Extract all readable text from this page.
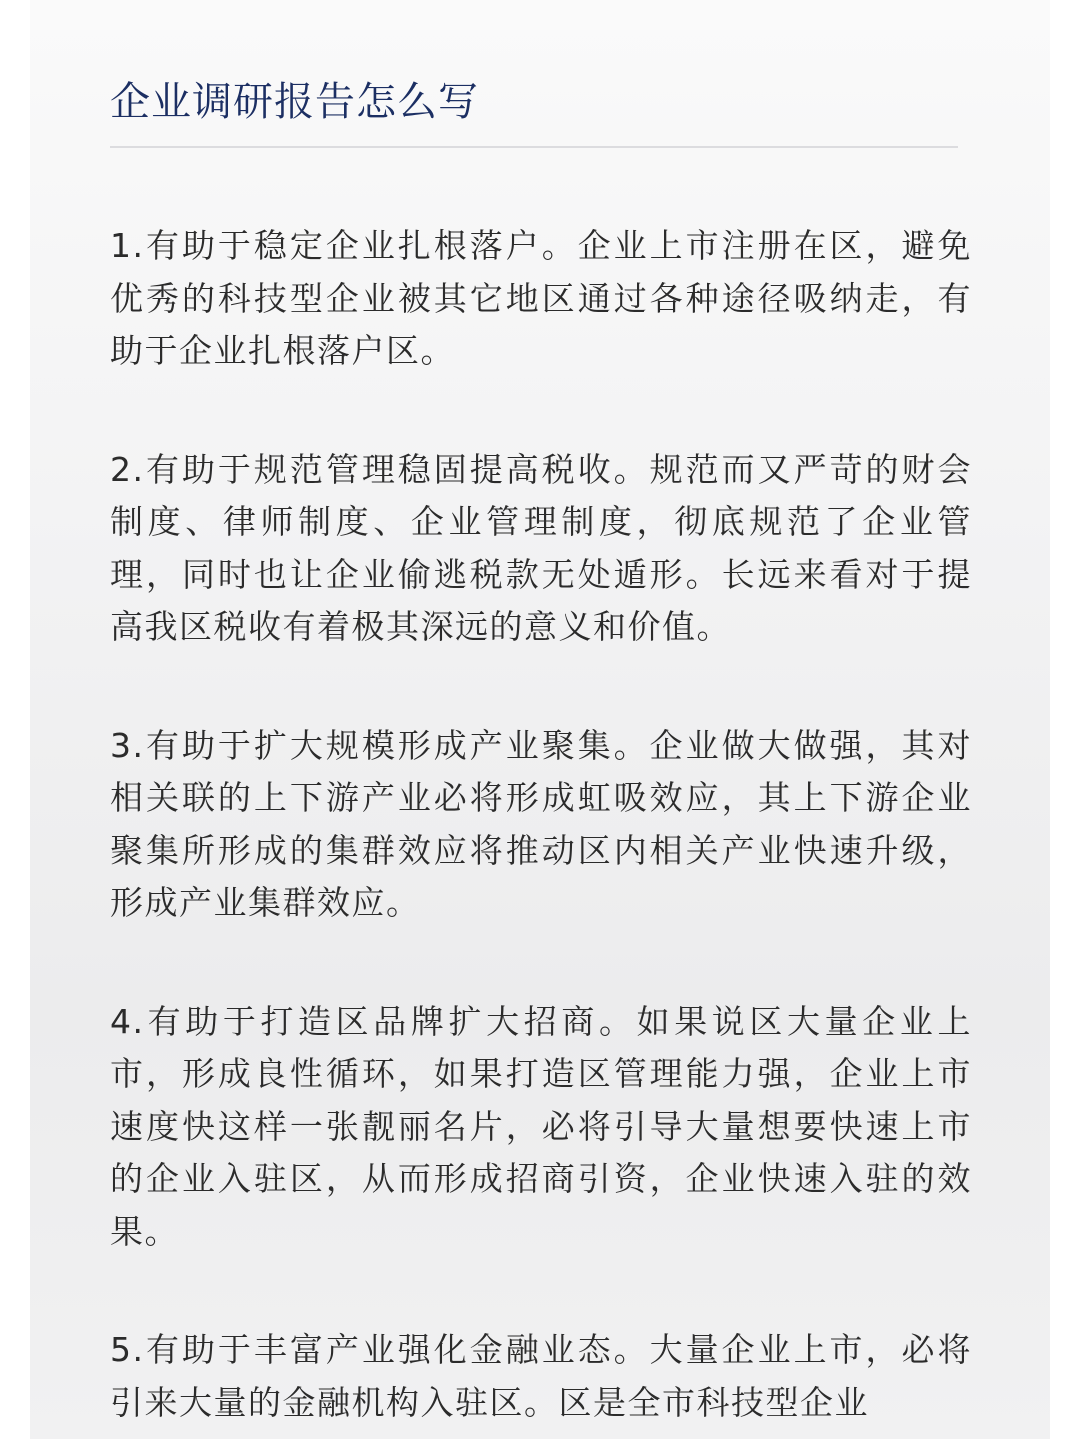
企业调研报告怎么写

1.有助于稳定企业扎根落户。企业上市注册在区，避免优秀的科技型企业被其它地区通过各种途径吸纳走，有助于企业扎根落户区。

2.有助于规范管理稳固提高税收。规范而又严苛的财会制度、律师制度、企业管理制度，彻底规范了企业管理，同时也让企业偷逃税款无处遁形。长远来看对于提高我区税收有着极其深远的意义和价值。

3.有助于扩大规模形成产业聚集。企业做大做强，其对相关联的上下游产业必将形成虹吸效应，其上下游企业聚集所形成的集群效应将推动区内相关产业快速升级，形成产业集群效应。

4.有助于打造区品牌扩大招商。如果说区大量企业上市，形成良性循环，如果打造区管理能力强，企业上市速度快这样一张靓丽名片，必将引导大量想要快速上市的企业入驻区，从而形成招商引资，企业快速入驻的效果。

5.有助于丰富产业强化金融业态。大量企业上市，必将引来大量的金融机构入驻区。区是全市科技型企业
